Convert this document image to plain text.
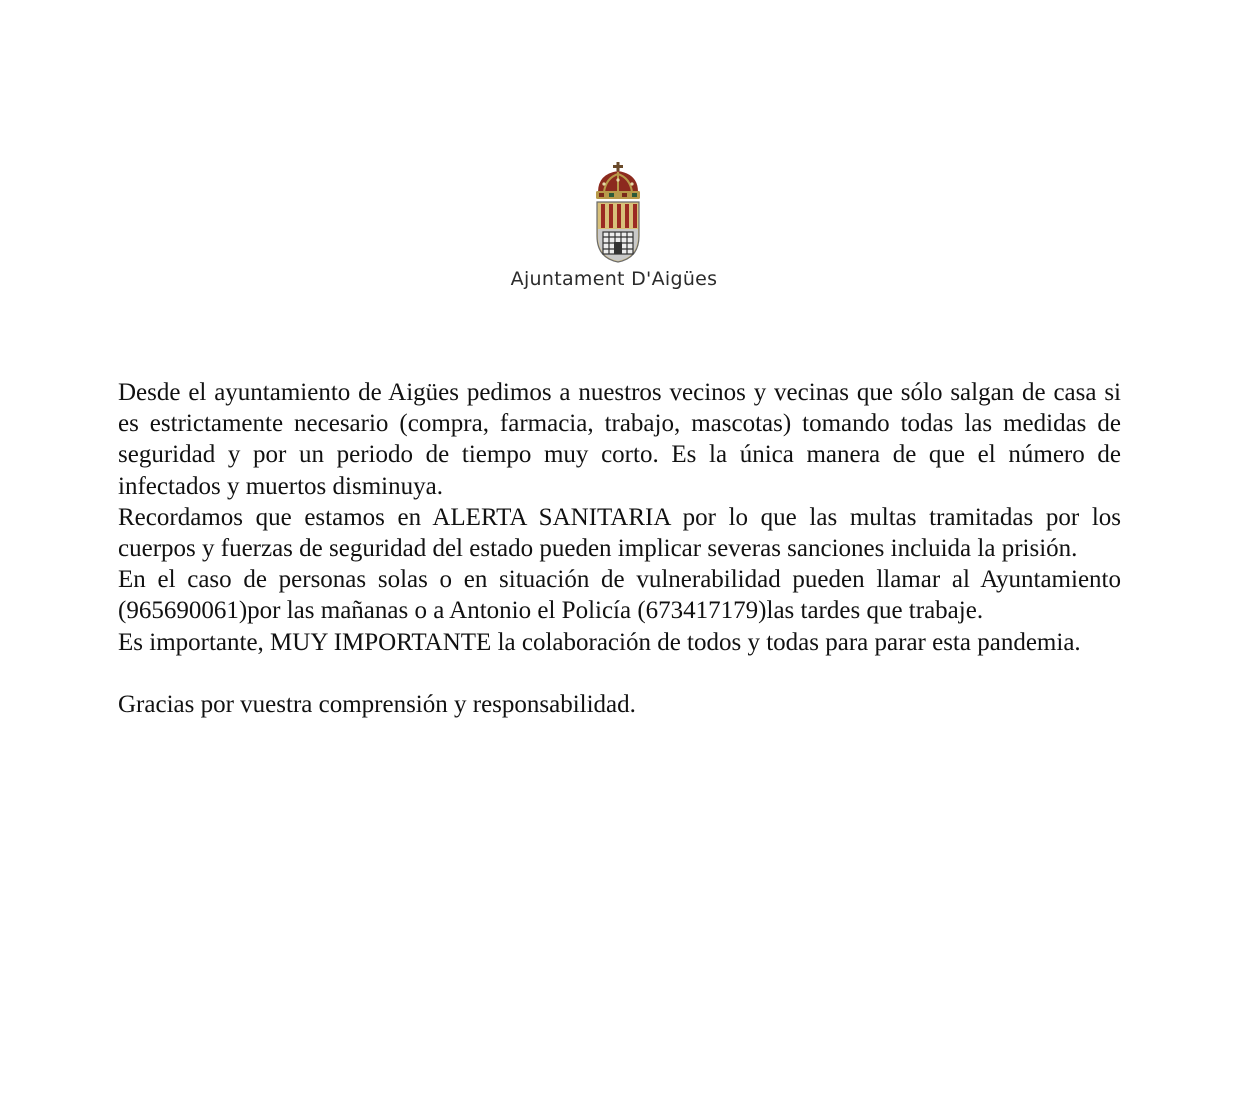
Ajuntament D'Aigües

Desde el ayuntamiento de Aigües pedimos a nuestros vecinos y vecinas que sólo salgan de casa si es estrictamente necesario (compra, farmacia, trabajo, mascotas) tomando todas las medidas de seguridad y por un periodo de tiempo muy corto. Es la única manera de que el número de infectados y muertos disminuya.

Recordamos que estamos en ALERTA SANITARIA por lo que las multas tramitadas por los cuerpos y fuerzas de seguridad del estado pueden implicar severas sanciones incluida la prisión.

En el caso de personas solas o en situación de vulnerabilidad pueden llamar al Ayuntamiento (965690061)por las mañanas o a Antonio el Policía (673417179)las tardes que trabaje.

Es importante, MUY IMPORTANTE la colaboración de todos y todas para parar esta pandemia.

Gracias por vuestra comprensión y responsabilidad.
